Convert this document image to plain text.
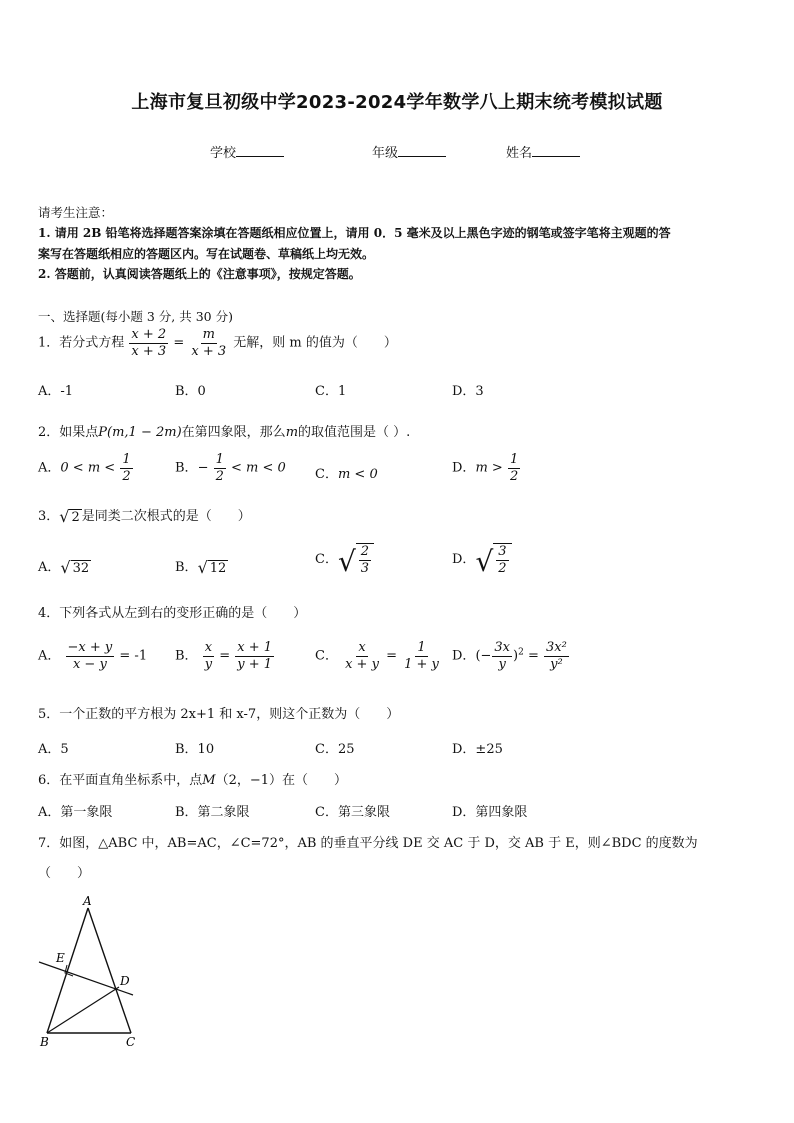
上海市复旦初级中学2023-2024学年数学八上期末统考模拟试题
学校	年级	姓名
请考生注意：
1. 请用 2B 铅笔将选择题答案涂填在答题纸相应位置上，请用 0．5 毫米及以上黑色字迹的钢笔或签字笔将主观题的答
案写在答题纸相应的答题区内。写在试题卷、草稿纸上均无效。
2. 答题前，认真阅读答题纸上的《注意事项》，按规定答题。
一、选择题(每小题 3 分, 共 30 分)
1．若分式方程 $\frac{x + 2}{x + 3} = \frac{m}{x + 3}$ 无解，则 m 的值为（　　）
A．-1	B．0	C．1	D．3
2．如果点P(m,1 − 2m)在第四象限，那么m的取值范围是（ ）.
A．$0 < m < \frac{1}{2}$	B．− $\frac{1}{2} < m < 0$ C．m < 0	D．$m > \frac{1}{2}$
3． √ 2 是同类二次根式的是（　　）
A． √ 32	B． √ 12
C． √ $\frac{2}{3}$	D． √ $\frac{3}{2}$
4．下列各式从左到右的变形正确的是（　　）
A． $\frac{-x + y}{x - y} = -1$ B． $\frac{x}{y} = \frac{x + 1}{y + 1}$	C． $\frac{x}{x + y} = \frac{1}{1 + y}$ D．(− $\frac{3x}{y} )^2 = \frac{\text{3x²}}{\text{y²}}$
5．一个正数的平方根为 2x+1 和 x-7，则这个正数为（　　）
A．5	B．10	C．25	D．±25
6．在平面直角坐标系中，点M（2，−1）在（　　）
A．第一象限	B．第二象限	C．第三象限	D．第四象限
7．如图，△ABC 中，AB=AC，∠C=72°，AB 的垂直平分线 DE 交 AC 于 D，交 AB 于 E，则∠BDC 的度数为
（　　）
A
E
D
B	C
